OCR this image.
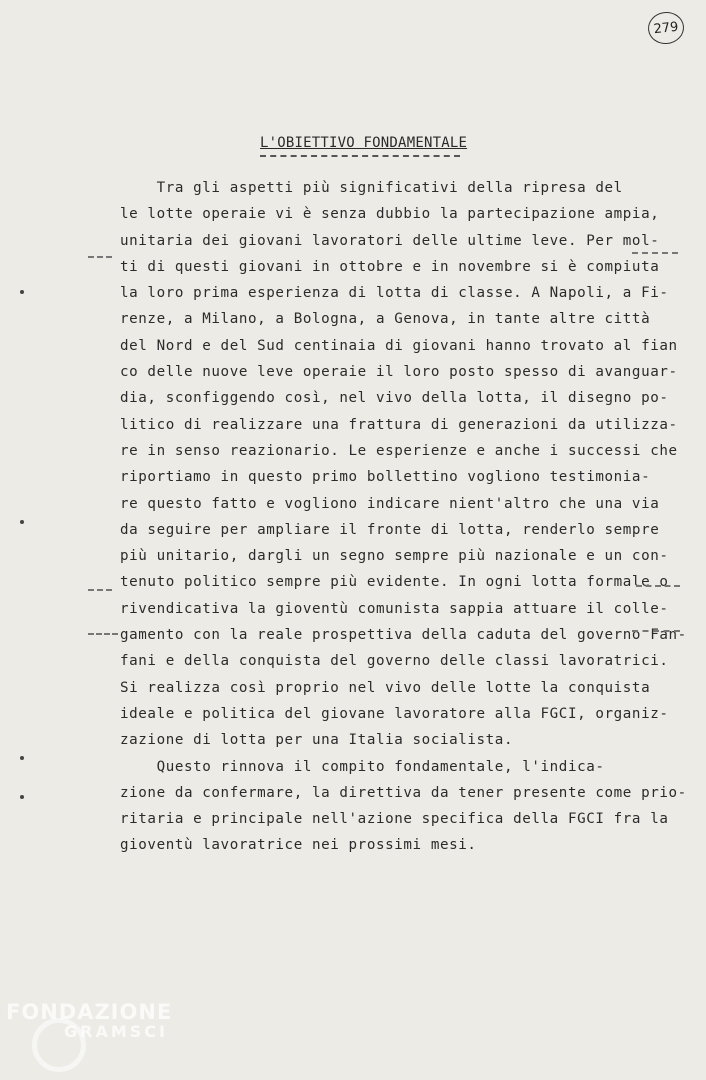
279
L'OBIETTIVO FONDAMENTALE
Tra gli aspetti più significativi della ripresa del
le lotte operaie vi è senza dubbio la partecipazione ampia,
unitaria dei giovani lavoratori delle ultime leve. Per mol-
ti di questi giovani in ottobre e in novembre si è compiuta
la loro prima esperienza di lotta di classe. A Napoli, a Fi-
renze, a Milano, a Bologna, a Genova, in tante altre città
del Nord e del Sud centinaia di giovani hanno trovato al fian
co delle nuove leve operaie il loro posto spesso di avanguar-
dia, sconfiggendo così, nel vivo della lotta, il disegno po-
litico di realizzare una frattura di generazioni da utilizza-
re in senso reazionario. Le esperienze e anche i successi che
riportiamo in questo primo bollettino vogliono testimonia-
re questo fatto e vogliono indicare nient'altro che una via
da seguire per ampliare il fronte di lotta, renderlo sempre
più unitario, dargli un segno sempre più nazionale e un con-
tenuto politico sempre più evidente. In ogni lotta formale o
rivendicativa la gioventù comunista sappia attuare il colle-
gamento con la reale prospettiva della caduta del governo Fan-
fani e della conquista del governo delle classi lavoratrici.
Si realizza così proprio nel vivo delle lotte la conquista
ideale e politica del giovane lavoratore alla FGCI, organiz-
zazione di lotta per una Italia socialista.
Questo rinnova il compito fondamentale, l'indica-
zione da confermare, la direttiva da tener presente come prio-
ritaria e principale nell'azione specifica della FGCI fra la
gioventù lavoratrice nei prossimi mesi.
FONDAZIONE
GRAMSCI
